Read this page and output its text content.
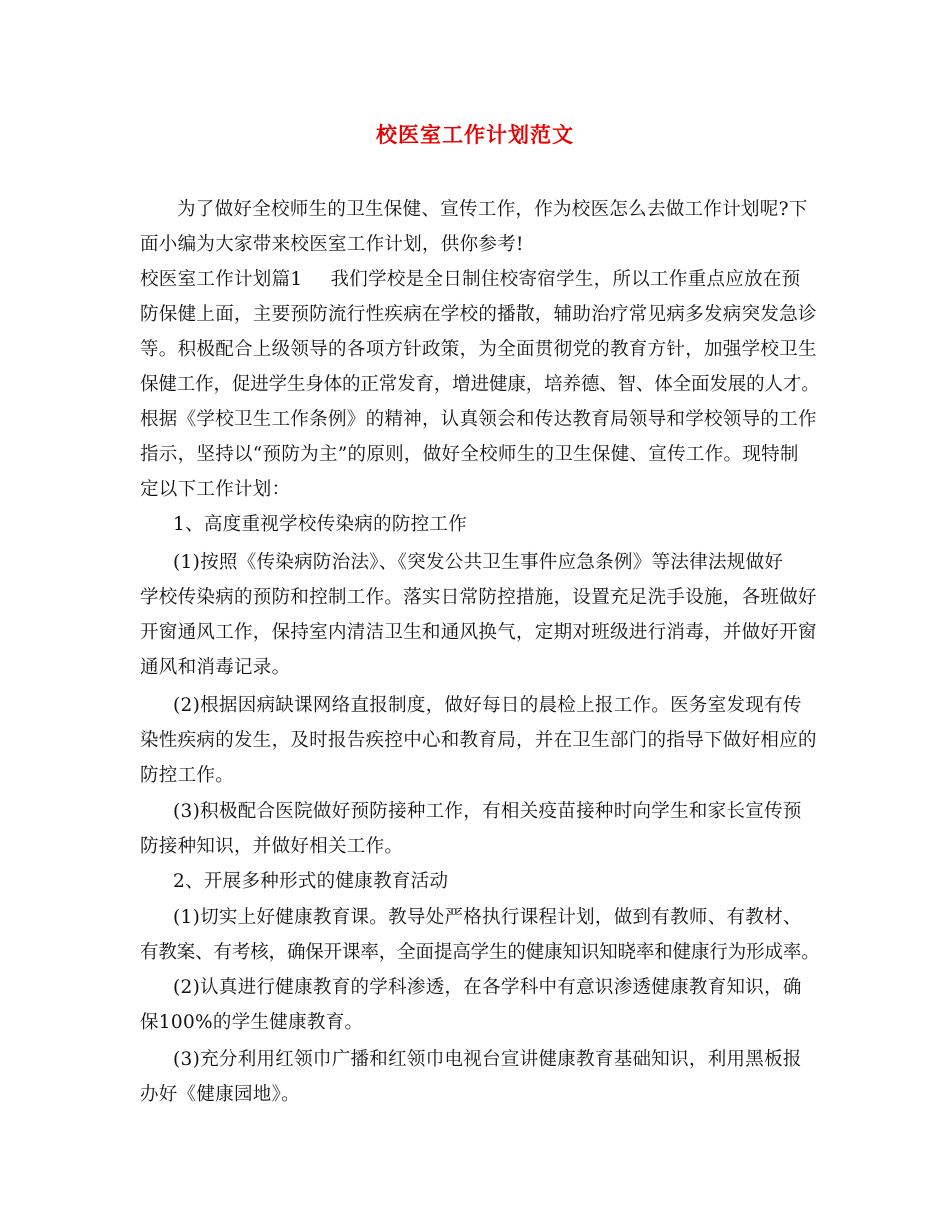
校医室工作计划范文
为了做好全校师生的卫生保健、宣传工作，作为校医怎么去做工作计划呢?下
面小编为大家带来校医室工作计划，供你参考!
校医室工作计划篇1 我们学校是全日制住校寄宿学生，所以工作重点应放在预
防保健上面，主要预防流行性疾病在学校的播散，辅助治疗常见病多发病突发急诊
等。积极配合上级领导的各项方针政策，为全面贯彻党的教育方针，加强学校卫生
保健工作，促进学生身体的正常发育，增进健康，培养德、智、体全面发展的人才。
根据《学校卫生工作条例》的精神，认真领会和传达教育局领导和学校领导的工作
指示，坚持以“预防为主”的原则，做好全校师生的卫生保健、宣传工作。现特制
定以下工作计划：
1、高度重视学校传染病的防控工作
(1)按照《传染病防治法》、《突发公共卫生事件应急条例》等法律法规做好
学校传染病的预防和控制工作。落实日常防控措施，设置充足洗手设施，各班做好
开窗通风工作，保持室内清洁卫生和通风换气，定期对班级进行消毒，并做好开窗
通风和消毒记录。
(2)根据因病缺课网络直报制度，做好每日的晨检上报工作。医务室发现有传
染性疾病的发生，及时报告疾控中心和教育局，并在卫生部门的指导下做好相应的
防控工作。
(3)积极配合医院做好预防接种工作，有相关疫苗接种时向学生和家长宣传预
防接种知识，并做好相关工作。
2、开展多种形式的健康教育活动
(1)切实上好健康教育课。教导处严格执行课程计划，做到有教师、有教材、
有教案、有考核，确保开课率，全面提高学生的健康知识知晓率和健康行为形成率。
(2)认真进行健康教育的学科渗透，在各学科中有意识渗透健康教育知识，确
保100%的学生健康教育。
(3)充分利用红领巾广播和红领巾电视台宣讲健康教育基础知识，利用黑板报
办好《健康园地》。
